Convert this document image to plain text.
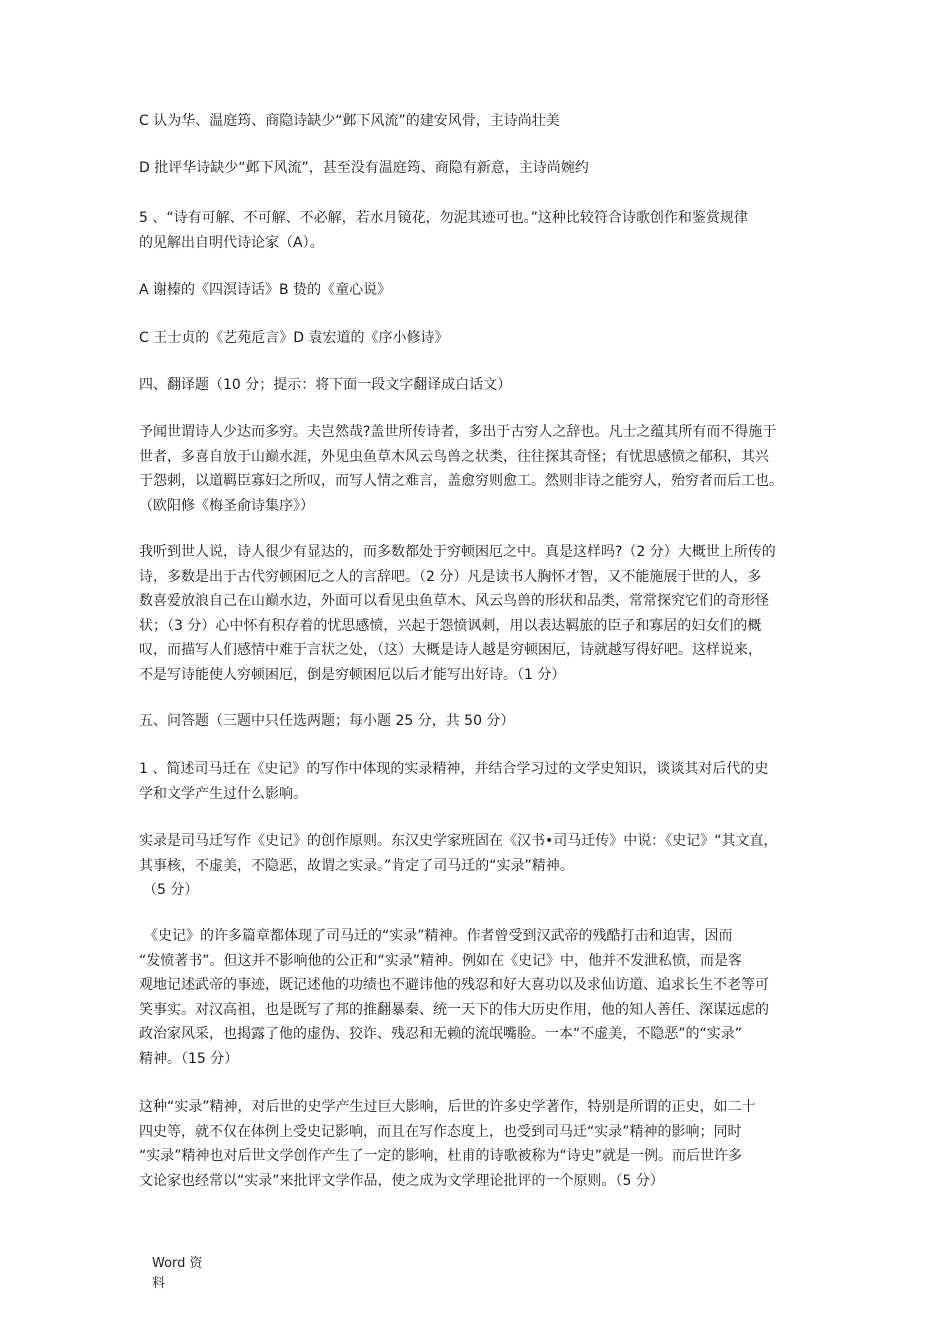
C 认为华、温庭筠、商隐诗缺少“邺下风流”的建安风骨，主诗尚壮美
D 批评华诗缺少“邺下风流”，甚至没有温庭筠、商隐有新意，主诗尚婉约
5 、“诗有可解、不可解、不必解，若水月镜花，勿泥其迹可也。”这种比较符合诗歌创作和鉴赏规律
的见解出自明代诗论家（A）。
A 谢榛的《四溟诗话》B 贽的《童心说》
C 王士贞的《艺苑卮言》D 袁宏道的《序小修诗》
四、翻译题（10 分；提示：将下面一段文字翻译成白话文）

予闻世谓诗人少达而多穷。夫岂然哉?盖世所传诗者，多出于古穷人之辞也。凡士之蕴其所有而不得施于

世者，多喜自放于山巅水涯，外见虫鱼草木风云鸟兽之状类，往往探其奇怪；有忧思感愤之郁积，其兴

于怨刺，以道羁臣寡妇之所叹，而写人情之难言，盖愈穷则愈工。然则非诗之能穷人，殆穷者而后工也。

（欧阳修《梅圣俞诗集序》）

我听到世人说，诗人很少有显达的，而多数都处于穷顿困厄之中。真是这样吗?（2 分）大概世上所传的

诗，多数是出于古代穷顿困厄之人的言辞吧。（2 分）凡是读书人胸怀才智，又不能施展于世的人，多

数喜爱放浪自己在山巅水边，外面可以看见虫鱼草木、风云鸟兽的形状和品类，常常探究它们的奇形怪

状；（3 分）心中怀有积存着的忧思感愤，兴起于怨愤讽刺，用以表达羁旅的臣子和寡居的妇女们的概

叹，而描写人们感情中难于言状之处，（这）大概是诗人越是穷顿困厄，诗就越写得好吧。这样说来，

不是写诗能使人穷顿困厄，倒是穷顿困厄以后才能写出好诗。（1 分）

五、问答题（三题中只任选两题；每小题 25 分，共 50 分）

1 、简述司马迁在《史记》的写作中体现的实录精神，并结合学习过的文学史知识，谈谈其对后代的史

学和文学产生过什么影响。

实录是司马迁写作《史记》的创作原则。东汉史学家班固在《汉书•司马迁传》中说：《史记》“其文直，

其事核，不虚美，不隐恶，故谓之实录。”肯定了司马迁的“实录”精神。

（5 分）

《史记》的许多篇章都体现了司马迁的“实录”精神。作者曾受到汉武帝的残酷打击和迫害，因而

“发愤著书”。但这并不影响他的公正和“实录”精神。例如在《史记》中，他并不发泄私愤，而是客

观地记述武帝的事迹，既记述他的功绩也不避讳他的残忍和好大喜功以及求仙访道、追求长生不老等可

笑事实。对汉高祖，也是既写了邦的推翻暴秦、统一天下的伟大历史作用，他的知人善任、深谋远虑的

政治家风采，也揭露了他的虚伪、狡诈、残忍和无赖的流氓嘴脸。一本“不虚美，不隐恶”的“实录”

精神。（15 分）

这种“实录”精神，对后世的史学产生过巨大影响，后世的许多史学著作，特别是所谓的正史，如二十

四史等，就不仅在体例上受史记影响，而且在写作态度上，也受到司马迁“实录”精神的影响；同时

“实录”精神也对后世文学创作产生了一定的影响，杜甫的诗歌被称为“诗史”就是一例。而后世许多

文论家也经常以“实录”来批评文学作品，使之成为文学理论批评的一个原则。（5 分）

Word 资
料
